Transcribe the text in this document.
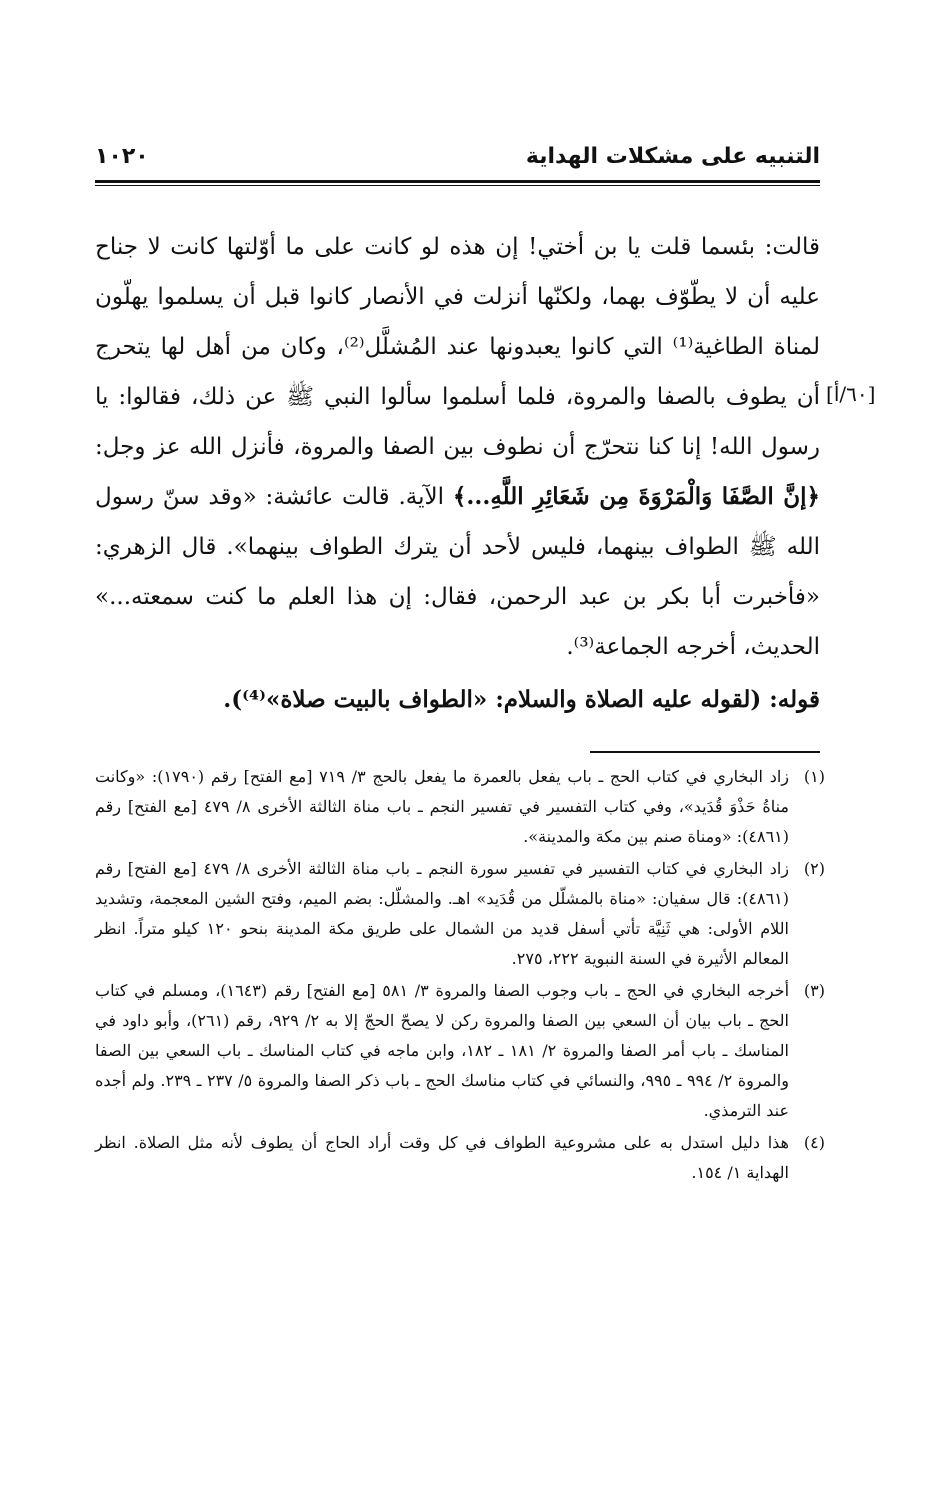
١٠٢٠	التنبيه على مشكلات الهداية
[٦٠/أ]

قالت: بئسما قلت يا بن أختي! إن هذه لو كانت على ما أوّلتها كانت لا جناح عليه أن لا يطّوّف بهما، ولكنّها أنزلت في الأنصار كانوا قبل أن يسلموا يهلّون لمناة الطاغية⁽¹⁾ التي كانوا يعبدونها عند المُشلَّل⁽²⁾، وكان من أهل لها يتحرج أن يطوف بالصفا والمروة، فلما أسلموا سألوا النبي ﷺ عن ذلك، فقالوا: يا رسول الله! إنا كنا نتحرّج أن نطوف بين الصفا والمروة، فأنزل الله عز وجل: ﴿إنَّ الصَّفَا وَالْمَرْوَةَ مِن شَعَائِرِ اللَّهِ...﴾ الآية. قالت عائشة: «وقد سنّ رسول الله ﷺ الطواف بينهما، فليس لأحد أن يترك الطواف بينهما». قال الزهري: «فأخبرت أبا بكر بن عبد الرحمن، فقال: إن هذا العلم ما كنت سمعته...» الحديث، أخرجه الجماعة⁽³⁾.

قوله: (لقوله عليه الصلاة والسلام: «الطواف بالبيت صلاة»⁽⁴⁾).
(١)
زاد البخاري في كتاب الحج ـ باب يفعل بالعمرة ما يفعل بالحج ٣/ ٧١٩ [مع الفتح] رقم (١٧٩٠): «وكانت مناةُ حَذْوَ قُدَيد»، وفي كتاب التفسير في تفسير النجم ـ باب مناة الثالثة الأخرى ٨/ ٤٧٩ [مع الفتح] رقم (٤٨٦١): «ومناة صنم بين مكة والمدينة».
(٢)
زاد البخاري في كتاب التفسير في تفسير سورة النجم ـ باب مناة الثالثة الأخرى ٨/ ٤٧٩ [مع الفتح] رقم (٤٨٦١): قال سفيان: «مناة بالمشلّل من قُدَيد» اهـ. والمشلّل: بضم الميم، وفتح الشين المعجمة، وتشديد اللام الأولى: هي ثَنِيَّة تأتي أسفل قديد من الشمال على طريق مكة المدينة بنحو ١٢٠ كيلو متراً. انظر المعالم الأثيرة في السنة النبوية ٢٢٢، ٢٧٥.
(٣)
أخرجه البخاري في الحج ـ باب وجوب الصفا والمروة ٣/ ٥٨١ [مع الفتح] رقم (١٦٤٣)، ومسلم في كتاب الحج ـ باب بيان أن السعي بين الصفا والمروة ركن لا يصحّ الحجّ إلا به ٢/ ٩٢٩، رقم (٢٦١)، وأبو داود في المناسك ـ باب أمر الصفا والمروة ٢/ ١٨١ ـ ١٨٢، وابن ماجه في كتاب المناسك ـ باب السعي بين الصفا والمروة ٢/ ٩٩٤ ـ ٩٩٥، والنسائي في كتاب مناسك الحج ـ باب ذكر الصفا والمروة ٥/ ٢٣٧ ـ ٢٣٩. ولم أجده عند الترمذي.
(٤)
هذا دليل استدل به على مشروعية الطواف في كل وقت أراد الحاج أن يطوف لأنه مثل الصلاة. انظر الهداية ١/ ١٥٤.
